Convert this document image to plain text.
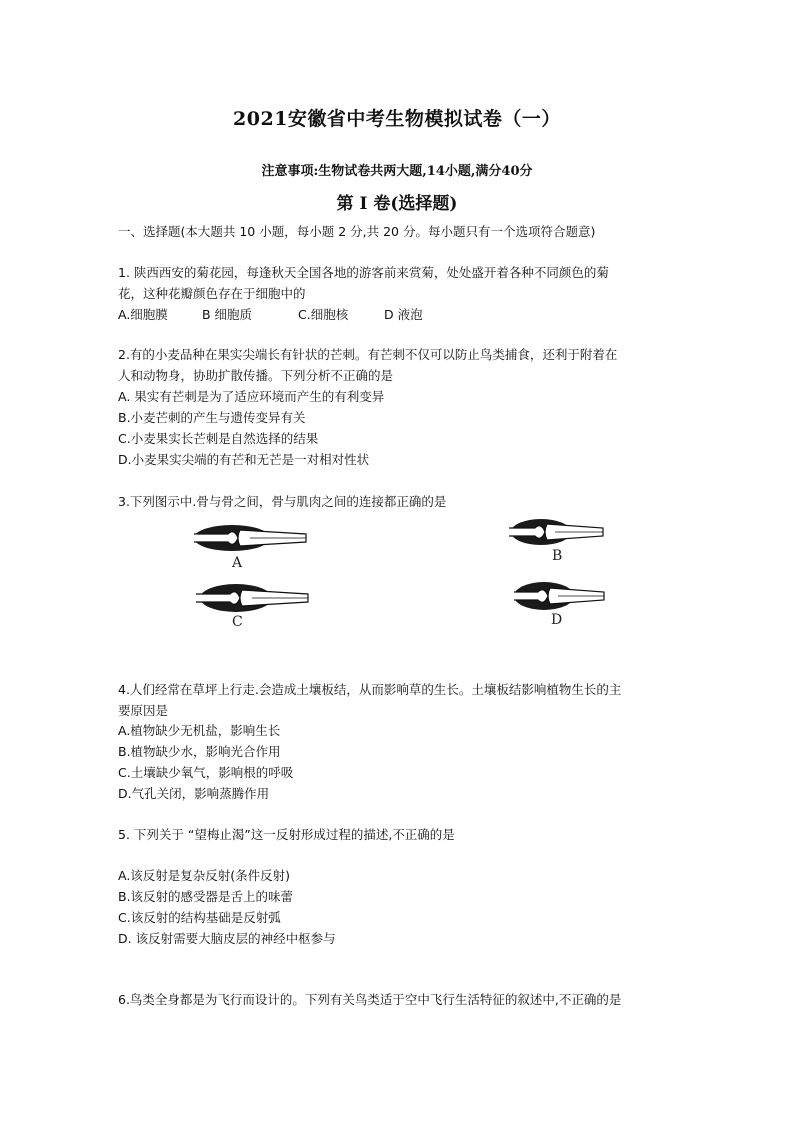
2021安徽省中考生物模拟试卷（一）
注意事项:生物试卷共两大题,14小题,满分40分
第 I 卷(选择题)
一、选择题(本大题共 10 小题，每小题 2 分,共 20 分。每小题只有一个选项符合题意)
1. 陕西西安的菊花园，每逢秋天全国各地的游客前来赏菊，处处盛开着各种不同颜色的菊
花，这种花瓣颜色存在于细胞中的
A.细胞膜	B 细胞质	C.细胞核	D 液泡
2.有的小麦品种在果实尖端长有针状的芒刺。有芒刺不仅可以防止鸟类捕食，还利于附着在
人和动物身，协助扩散传播。下列分析不正确的是
A. 果实有芒刺是为了适应环境而产生的有利变异
B.小麦芒刺的产生与遗传变异有关
C.小麦果实长芒刺是自然选择的结果
D.小麦果实尖端的有芒和无芒是一对相对性状
3.下列图示中.骨与骨之间，骨与肌肉之间的连接都正确的是
A	B
C	D
4.人们经常在草坪上行走.会造成土壤板结，从而影响草的生长。土壤板结影响植物生长的主
要原因是
A.植物缺少无机盐，影响生长
B.植物缺少水，影响光合作用
C.土壤缺少氧气，影响根的呼吸
D.气孔关闭，影响蒸腾作用
5. 下列关于 “望梅止渴”这一反射形成过程的描述,不正确的是
A.该反射是复杂反射(条件反射)
B.该反射的感受器是舌上的味蕾
C.该反射的结构基础是反射弧
D. 该反射需要大脑皮层的神经中枢参与
6.鸟类全身都是为飞行而设计的。下列有关鸟类适于空中飞行生活特征的叙述中,不正确的是
